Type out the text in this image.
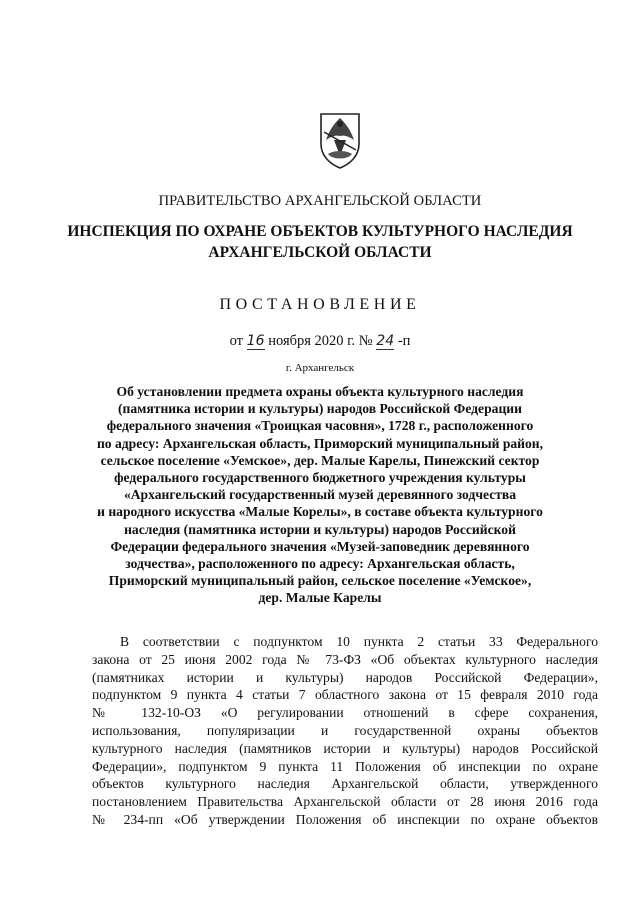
ПРАВИТЕЛЬСТВО АРХАНГЕЛЬСКОЙ ОБЛАСТИ
ИНСПЕКЦИЯ ПО ОХРАНЕ ОБЪЕКТОВ КУЛЬТУРНОГО НАСЛЕДИЯ
АРХАНГЕЛЬСКОЙ ОБЛАСТИ
ПОСТАНОВЛЕНИЕ
от 16 ноября 2020 г. № 24 -п
г. Архангельск
Об установлении предмета охраны объекта культурного наследия
(памятника истории и культуры) народов Российской Федерации
федерального значения «Троицкая часовня», 1728 г., расположенного
по адресу: Архангельская область, Приморский муниципальный район,
сельское поселение «Уемское», дер. Малые Карелы, Пинежский сектор
федерального государственного бюджетного учреждения культуры
«Архангельский государственный музей деревянного зодчества
и народного искусства «Малые Корелы», в составе объекта культурного
наследия (памятника истории и культуры) народов Российской
Федерации федерального значения «Музей-заповедник деревянного
зодчества», расположенного по адресу: Архангельская область,
Приморский муниципальный район, сельское поселение «Уемское»,
дер. Малые Карелы
В соответствии с подпунктом 10 пункта 2 статьи 33 Федерального
закона от 25 июня 2002 года № 73-ФЗ «Об объектах культурного наследия
(памятниках истории и культуры) народов Российской Федерации»,
подпунктом 9 пункта 4 статьи 7 областного закона от 15 февраля 2010 года
№ 132-10-ОЗ «О регулировании отношений в сфере сохранения,
использования, популяризации и государственной охраны объектов
культурного наследия (памятников истории и культуры) народов Российской
Федерации», подпунктом 9 пункта 11 Положения об инспекции по охране
объектов культурного наследия Архангельской области, утвержденного
постановлением Правительства Архангельской области от 28 июня 2016 года
№ 234-пп «Об утверждении Положения об инспекции по охране объектов
